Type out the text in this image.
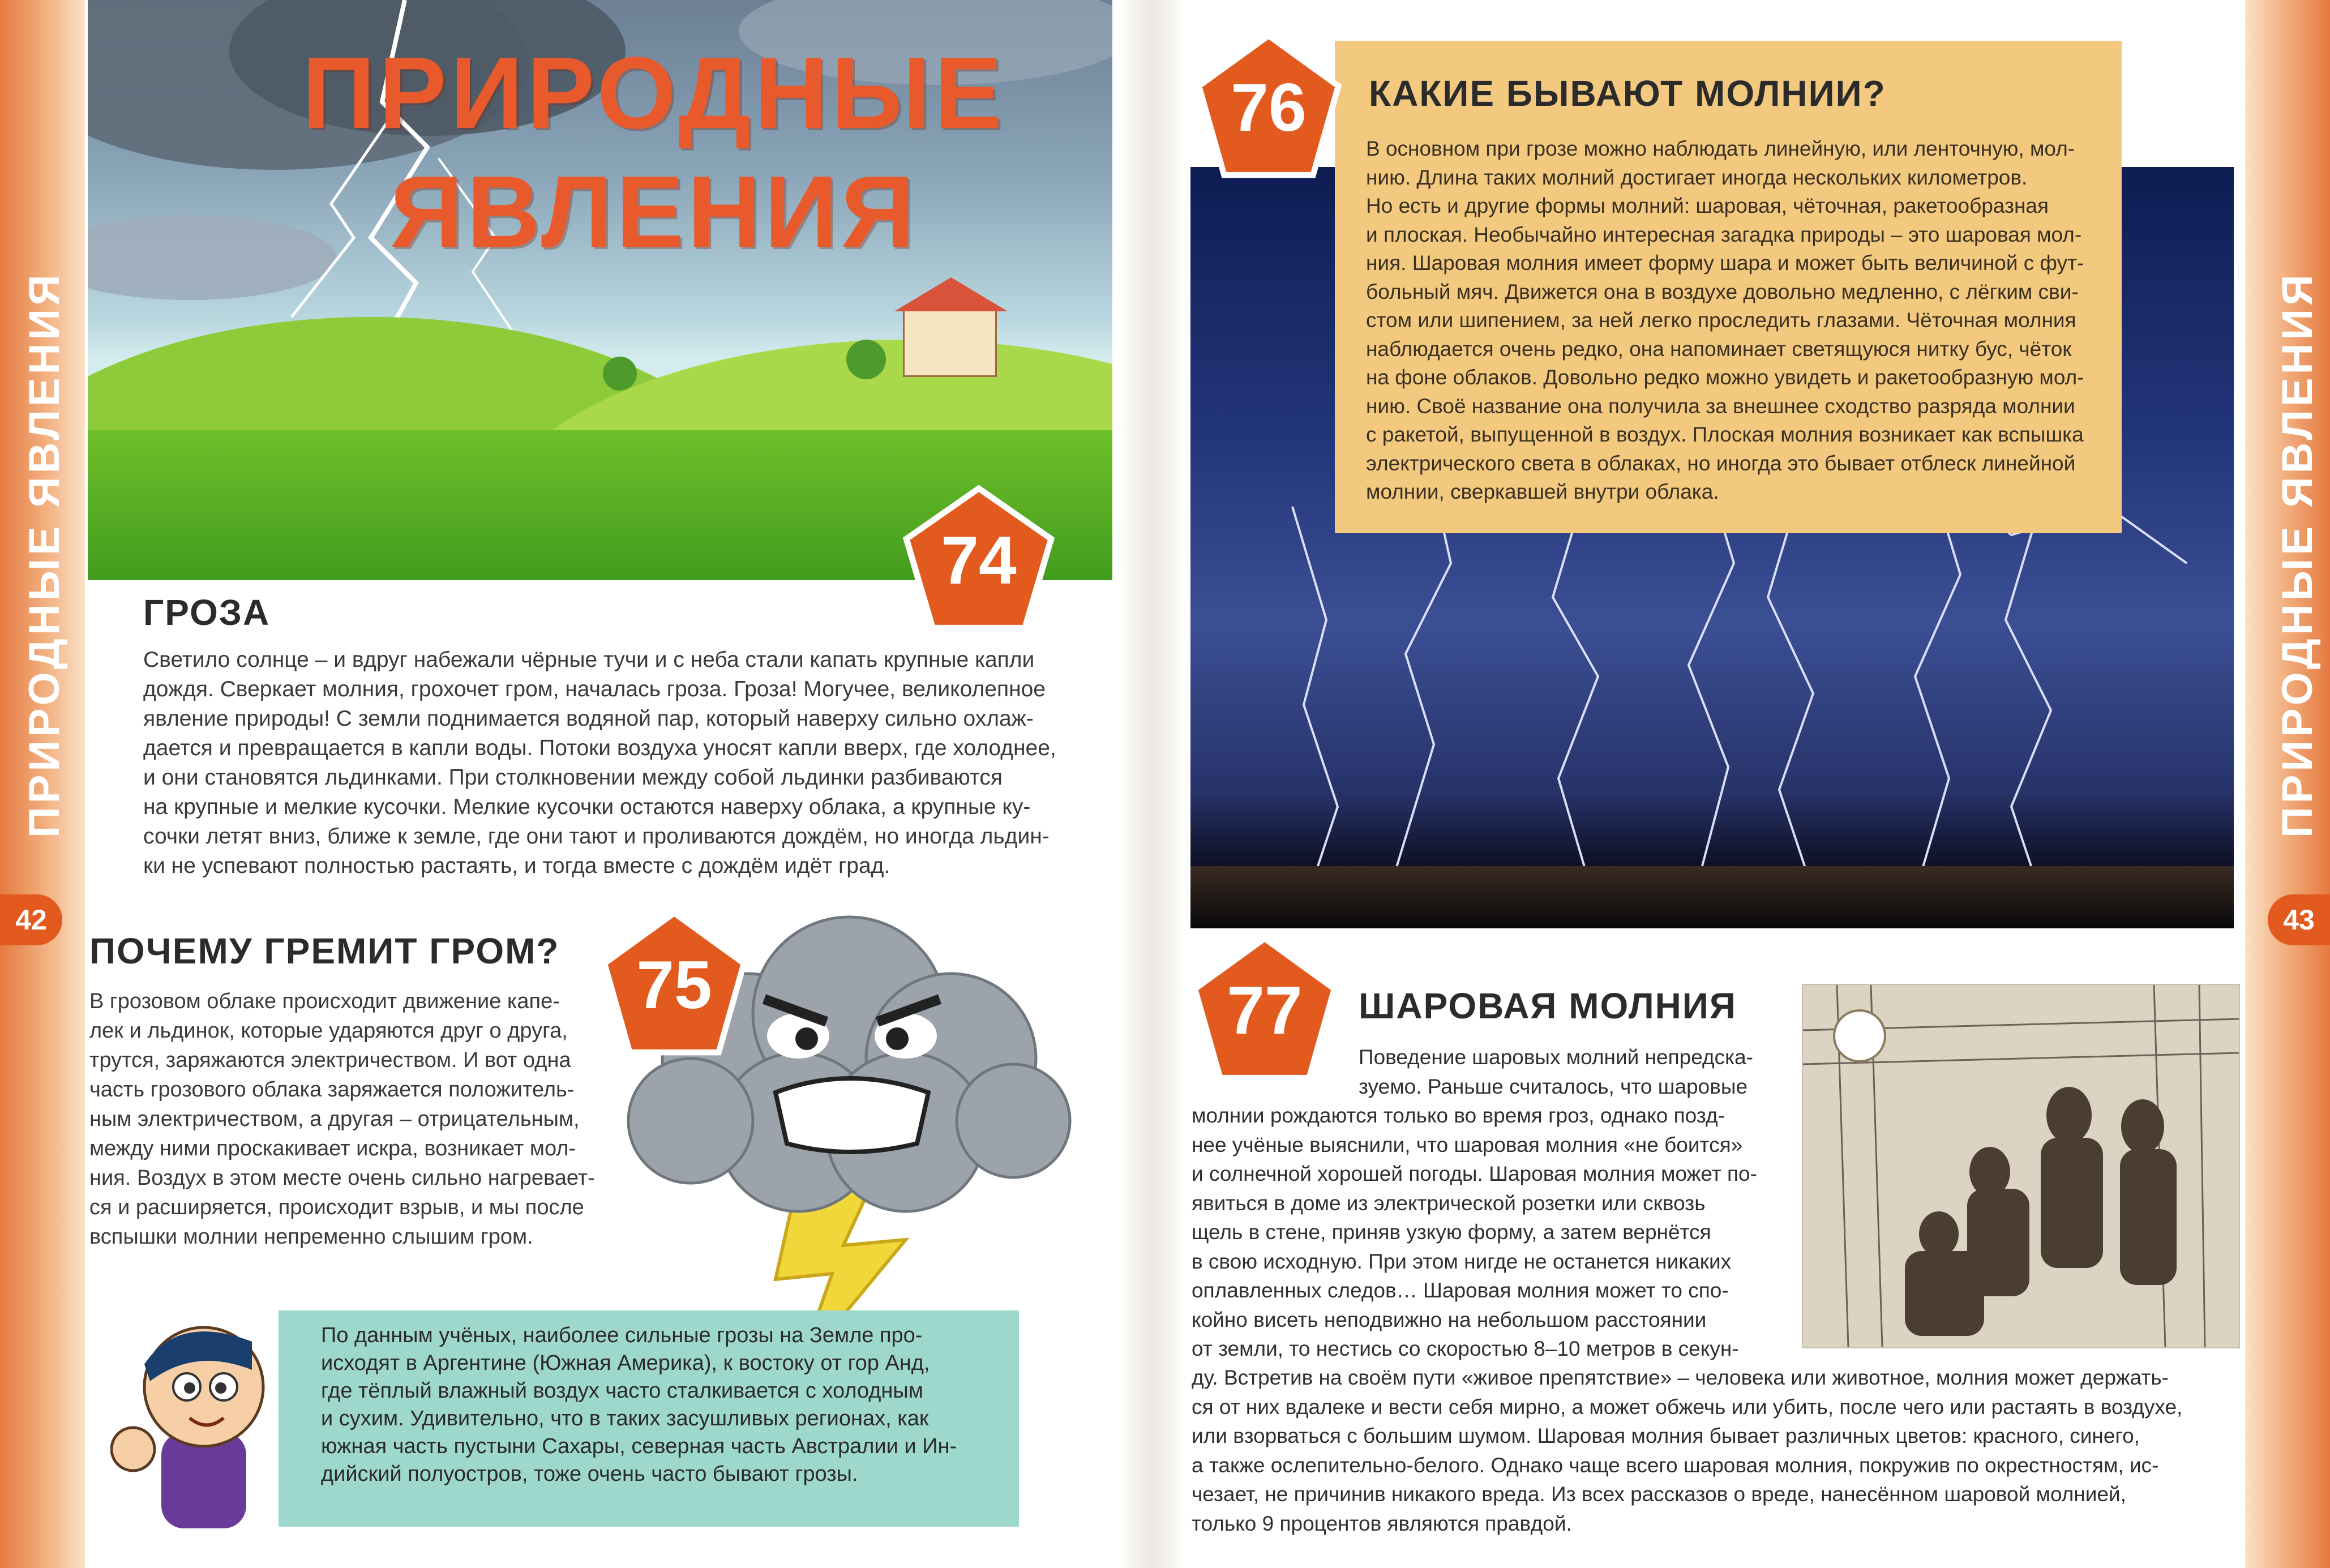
ПРИРОДНЫЕ ЯВЛЕНИЯ	ПРИРОДНЫЕ ЯВЛЕНИЯ
42	43
ПРИРОДНЫЕ
ЯВЛЕНИЯ
74
ГРОЗА
Светило солнце – и вдруг набежали чёрные тучи и с неба стали капать крупные капли
дождя. Сверкает молния, грохочет гром, началась гроза. Гроза! Могучее, великолепное
явление природы! С земли поднимается водяной пар, который наверху сильно охлаж-
дается и превращается в капли воды. Потоки воздуха уносят капли вверх, где холоднее,
и они становятся льдинками. При столкновении между собой льдинки разбиваются
на крупные и мелкие кусочки. Мелкие кусочки остаются наверху облака, а крупные ку-
сочки летят вниз, ближе к земле, где они тают и проливаются дождём, но иногда льдин-
ки не успевают полностью растаять, и тогда вместе с дождём идёт град.
ПОЧЕМУ ГРЕМИТ ГРОМ?
В грозовом облаке происходит движение капе-
лек и льдинок, которые ударяются друг о друга,
трутся, заряжаются электричеством. И вот одна
часть грозового облака заряжается положитель-
ным электричеством, а другая – отрицательным,
между ними проскакивает искра, возникает мол-
ния. Воздух в этом месте очень сильно нагревает-
ся и расширяется, происходит взрыв, и мы после
вспышки молнии непременно слышим гром.
75
По данным учёных, наиболее сильные грозы на Земле про-
исходят в Аргентине (Южная Америка), к востоку от гор Анд,
где тёплый влажный воздух часто сталкивается с холодным
и сухим. Удивительно, что в таких засушливых регионах, как
южная часть пустыни Сахары, северная часть Австралии и Ин-
дийский полуостров, тоже очень часто бывают грозы.
КАКИЕ БЫВАЮТ МОЛНИИ?
В основном при грозе можно наблюдать линейную, или ленточную, мол-
нию. Длина таких молний достигает иногда нескольких километров.
Но есть и другие формы молний: шаровая, чёточная, ракетообразная
и плоская. Необычайно интересная загадка природы – это шаровая мол-
ния. Шаровая молния имеет форму шара и может быть величиной с фут-
больный мяч. Движется она в воздухе довольно медленно, с лёгким сви-
стом или шипением, за ней легко проследить глазами. Чёточная молния
наблюдается очень редко, она напоминает светящуюся нитку бус, чёток
на фоне облаков. Довольно редко можно увидеть и ракетообразную мол-
нию. Своё название она получила за внешнее сходство разряда молнии
с ракетой, выпущенной в воздух. Плоская молния возникает как вспышка
электрического света в облаках, но иногда это бывает отблеск линейной
молнии, сверкавшей внутри облака.
76
77	ШАРОВАЯ МОЛНИЯ
Поведение шаровых молний непредска-
зуемо. Раньше считалось, что шаровые
молнии рождаются только во время гроз, однако позд-
нее учёные выяснили, что шаровая молния «не боится»
и солнечной хорошей погоды. Шаровая молния может по-
явиться в доме из электрической розетки или сквозь
щель в стене, приняв узкую форму, а затем вернётся
в свою исходную. При этом нигде не останется никаких
оплавленных следов… Шаровая молния может то спо-
койно висеть неподвижно на небольшом расстоянии
от земли, то нестись со скоростью 8–10 метров в секун-
ду. Встретив на своём пути «живое препятствие» – человека или животное, молния может держать-
ся от них вдалеке и вести себя мирно, а может обжечь или убить, после чего или растаять в воздухе,
или взорваться с большим шумом. Шаровая молния бывает различных цветов: красного, синего,
а также ослепительно-белого. Однако чаще всего шаровая молния, покружив по окрестностям, ис-
чезает, не причинив никакого вреда. Из всех рассказов о вреде, нанесённом шаровой молнией,
только 9 процентов являются правдой.
